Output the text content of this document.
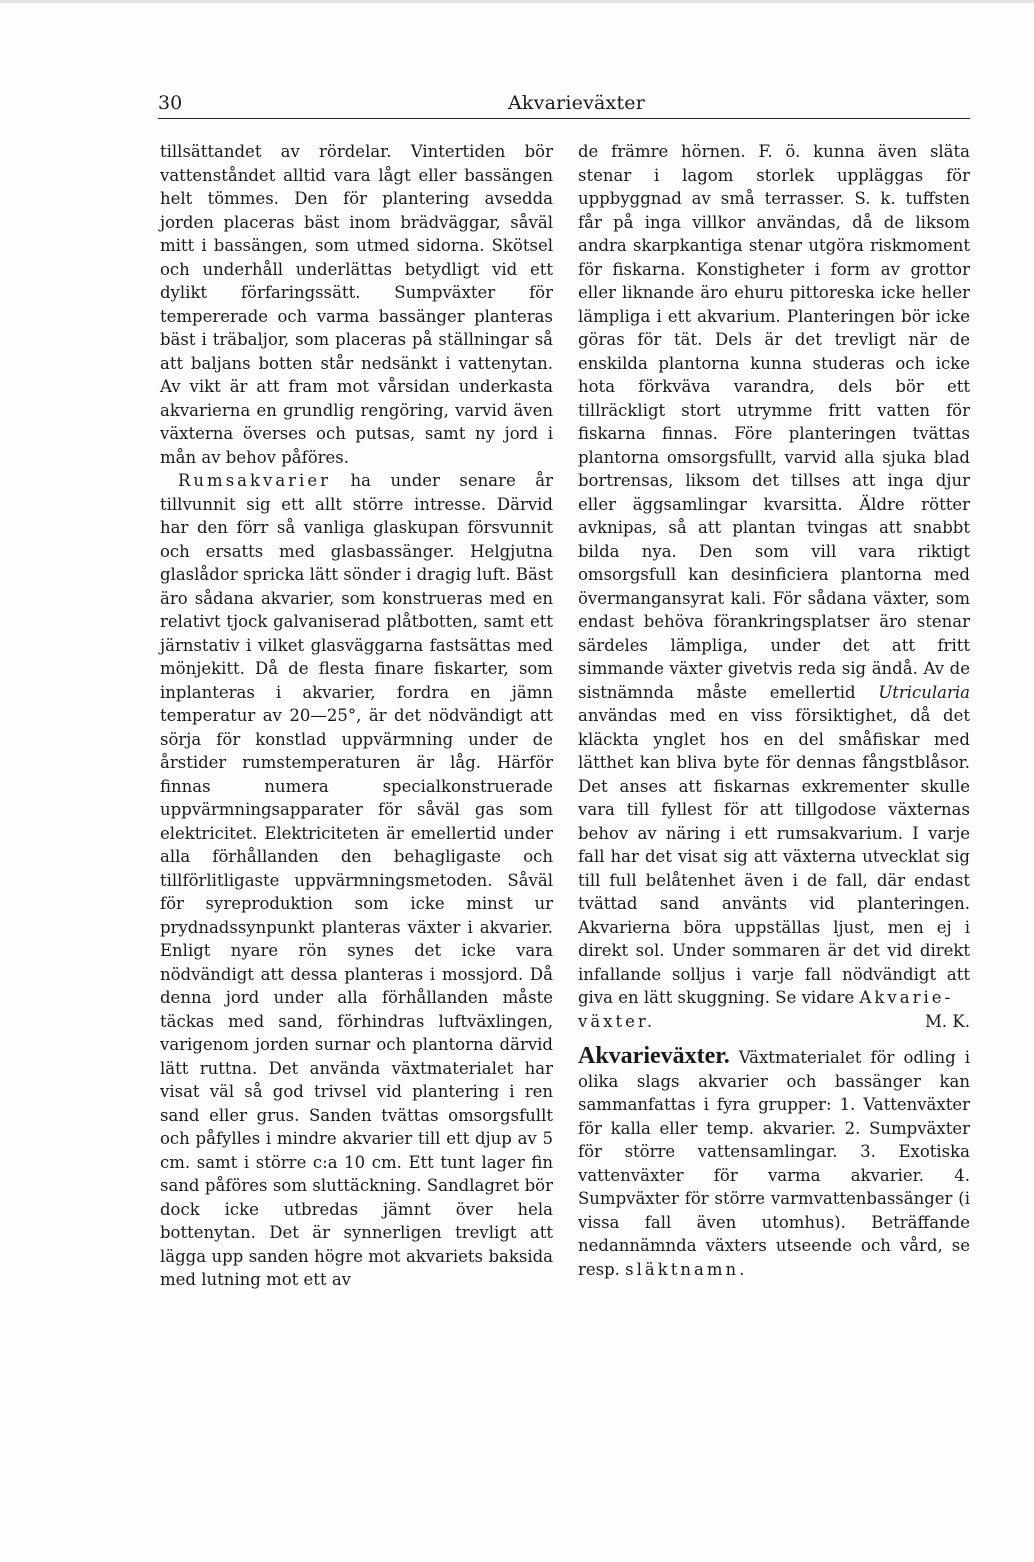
30	Akvarieväxter

tillsättandet av rördelar. Vintertiden bör vattenståndet alltid vara lågt eller bassängen helt tömmes. Den för plantering avsedda jorden placeras bäst inom brädväggar, såväl mitt i bassängen, som utmed sidorna. Skötsel och underhåll underlättas betydligt vid ett dylikt förfaringssätt. Sumpväxter för tempererade och varma bassänger planteras bäst i träbaljor, som placeras på ställningar så att baljans botten står nedsänkt i vattenytan. Av vikt är att fram mot vårsidan underkasta akvarierna en grundlig rengöring, varvid även växterna överses och putsas, samt ny jord i mån av behov påföres.

Rumsakvarier ha under senare år tillvunnit sig ett allt större intresse. Därvid har den förr så vanliga glaskupan försvunnit och ersatts med glasbassänger. Helgjutna glaslådor spricka lätt sönder i dragig luft. Bäst äro sådana akvarier, som konstrueras med en relativt tjock galvaniserad plåtbotten, samt ett järnstativ i vilket glasväggarna fastsättas med mönjekitt. Då de flesta finare fiskarter, som inplanteras i akvarier, fordra en jämn temperatur av 20—25°, är det nödvändigt att sörja för konstlad uppvärmning under de årstider rumstemperaturen är låg. Härför finnas numera specialkonstruerade uppvärmningsapparater för såväl gas som elektricitet. Elektriciteten är emellertid under alla förhållanden den behagligaste och tillförlitligaste uppvärmningsmetoden. Såväl för syreproduktion som icke minst ur prydnadssynpunkt planteras växter i akvarier. Enligt nyare rön synes det icke vara nödvändigt att dessa planteras i mossjord. Då denna jord under alla förhållanden måste täckas med sand, förhindras luftväxlingen, varigenom jorden surnar och plantorna därvid lätt ruttna. Det använda växtmaterialet har visat väl så god trivsel vid plantering i ren sand eller grus. Sanden tvättas omsorgsfullt och påfylles i mindre akvarier till ett djup av 5 cm. samt i större c:a 10 cm. Ett tunt lager fin sand påföres som sluttäckning. Sandlagret bör dock icke utbredas jämnt över hela bottenytan. Det är synnerligen trevligt att lägga upp sanden högre mot akvariets baksida med lutning mot ett av

de främre hörnen. F. ö. kunna även släta stenar i lagom storlek uppläggas för uppbyggnad av små terrasser. S. k. tuffsten får på inga villkor användas, då de liksom andra skarpkantiga stenar utgöra riskmoment för fiskarna. Konstigheter i form av grottor eller liknande äro ehuru pittoreska icke heller lämpliga i ett akvarium. Planteringen bör icke göras för tät. Dels är det trevligt när de enskilda plantorna kunna studeras och icke hota förkväva varandra, dels bör ett tillräckligt stort utrymme fritt vatten för fiskarna finnas. Före planteringen tvättas plantorna omsorgsfullt, varvid alla sjuka blad bortrensas, liksom det tillses att inga djur eller äggsamlingar kvarsitta. Äldre rötter avknipas, så att plantan tvingas att snabbt bilda nya. Den som vill vara riktigt omsorgsfull kan desinficiera plantorna med övermangansyrat kali. För sådana växter, som endast behöva förankringsplatser äro stenar särdeles lämpliga, under det att fritt simmande växter givetvis reda sig ändå. Av de sistnämnda måste emellertid Utricularia användas med en viss försiktighet, då det kläckta ynglet hos en del småfiskar med lätthet kan bliva byte för dennas fångstblåsor. Det anses att fiskarnas exkrementer skulle vara till fyllest för att tillgodose växternas behov av näring i ett rumsakvarium. I varje fall har det visat sig att växterna utvecklat sig till full belåtenhet även i de fall, där endast tvättad sand använts vid planteringen. Akvarierna böra uppställas ljust, men ej i direkt sol. Under sommaren är det vid direkt infallande solljus i varje fall nödvändigt att giva en lätt skuggning. Se vidare Akvarie-

växter.	M. K.

Akvarieväxter. Växtmaterialet för odling i olika slags akvarier och bassänger kan sammanfattas i fyra grupper: 1. Vattenväxter för kalla eller temp. akvarier. 2. Sumpväxter för större vattensamlingar. 3. Exotiska vattenväxter för varma akvarier. 4. Sumpväxter för större varmvattenbassänger (i vissa fall även utomhus). Beträffande nedannämnda växters utseende och vård, se resp. släktnamn.
